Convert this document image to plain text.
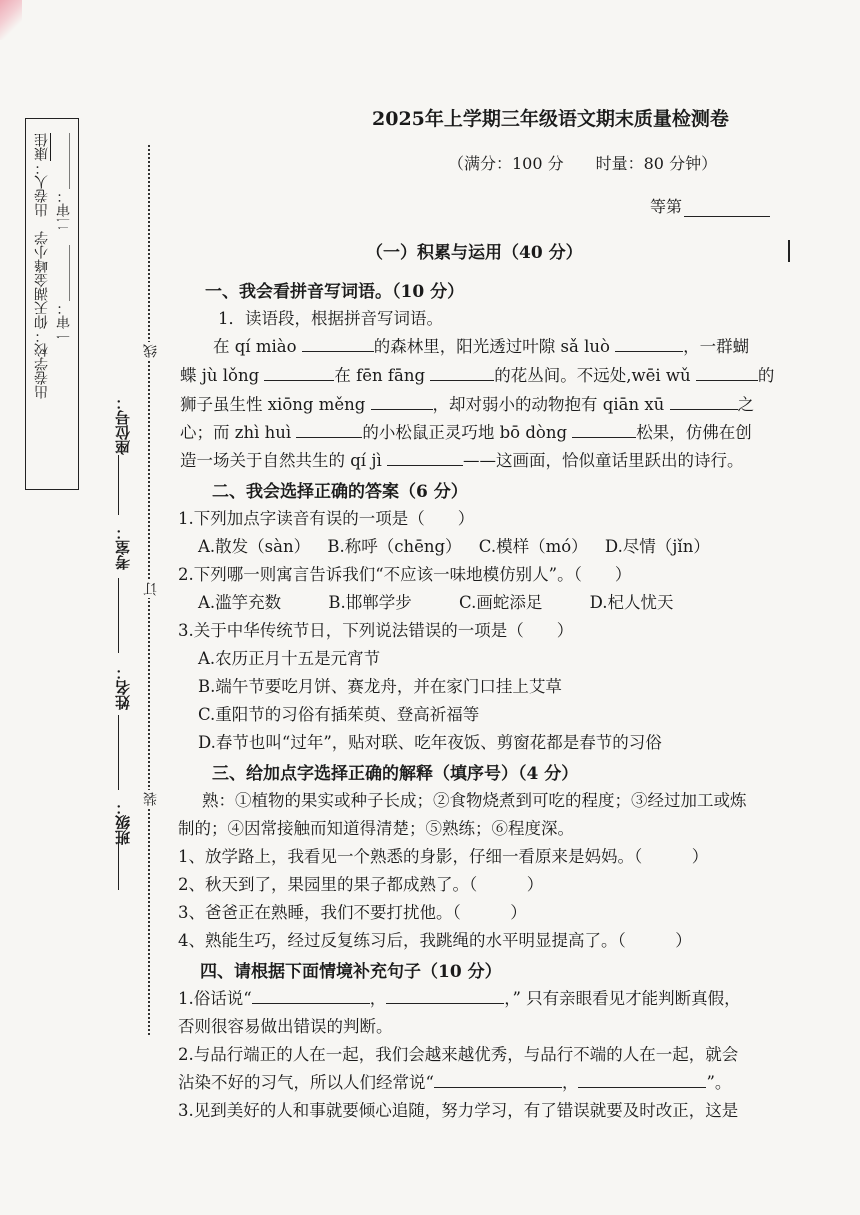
出卷学校：仰天湖金峰小学　出卷人：康佳 一审：＿＿＿＿　二审：＿＿＿＿
班级：
姓名：
考室：
座位号：
线
订
装
2025年上学期三年级语文期末质量检测卷
（满分：100 分　　时量：80 分钟）
等第
（一）积累与运用（40 分）
一、我会看拼音写词语。（10 分）
1．读语段，根据拼音写词语。
在 qí miào	的森林里，阳光透过叶隙 sǎ luò	，一群蝴
蝶 jù lǒng	在 fēn fāng	的花丛间。不远处,wēi wǔ	的
狮子虽生性 xiōng měng	，却对弱小的动物抱有 qiān xū	之
心；而 zhì huì	的小松鼠正灵巧地 bō dòng	松果，仿佛在创
造一场关于自然共生的 qí jì	——这画面，恰似童话里跃出的诗行。
二、我会选择正确的答案（6 分）
1.下列加点字读音有误的一项是（　　）
A.散发（sàn） B.称呼（chēng） C.模样（mó） D.尽情（jǐn）
2.下列哪一则寓言告诉我们“不应该一味地模仿别人”。（　　）
A.滥竽充数	B.邯郸学步	C.画蛇添足	D.杞人忧天
3.关于中华传统节日，下列说法错误的一项是（　　）
A.农历正月十五是元宵节
B.端午节要吃月饼、赛龙舟，并在家门口挂上艾草
C.重阳节的习俗有插茱萸、登高祈福等
D.春节也叫“过年”，贴对联、吃年夜饭、剪窗花都是春节的习俗
三、给加点字选择正确的解释（填序号）（4 分）
熟：①植物的果实或种子长成；②食物烧煮到可吃的程度；③经过加工或炼
制的；④因常接触而知道得清楚；⑤熟练；⑥程度深。
1、放学路上，我看见一个熟悉的身影，仔细一看原来是妈妈。（　　　）
2、秋天到了，果园里的果子都成熟了。（　　　）
3、爸爸正在熟睡，我们不要打扰他。（　　　）
4、熟能生巧，经过反复练习后，我跳绳的水平明显提高了。（　　　）
四、请根据下面情境补充句子（10 分）
1.俗话说“	，	，” 只有亲眼看见才能判断真假，
否则很容易做出错误的判断。
2.与品行端正的人在一起，我们会越来越优秀，与品行不端的人在一起，就会
沾染不好的习气，所以人们经常说“	，	”。
3.见到美好的人和事就要倾心追随，努力学习，有了错误就要及时改正，这是
